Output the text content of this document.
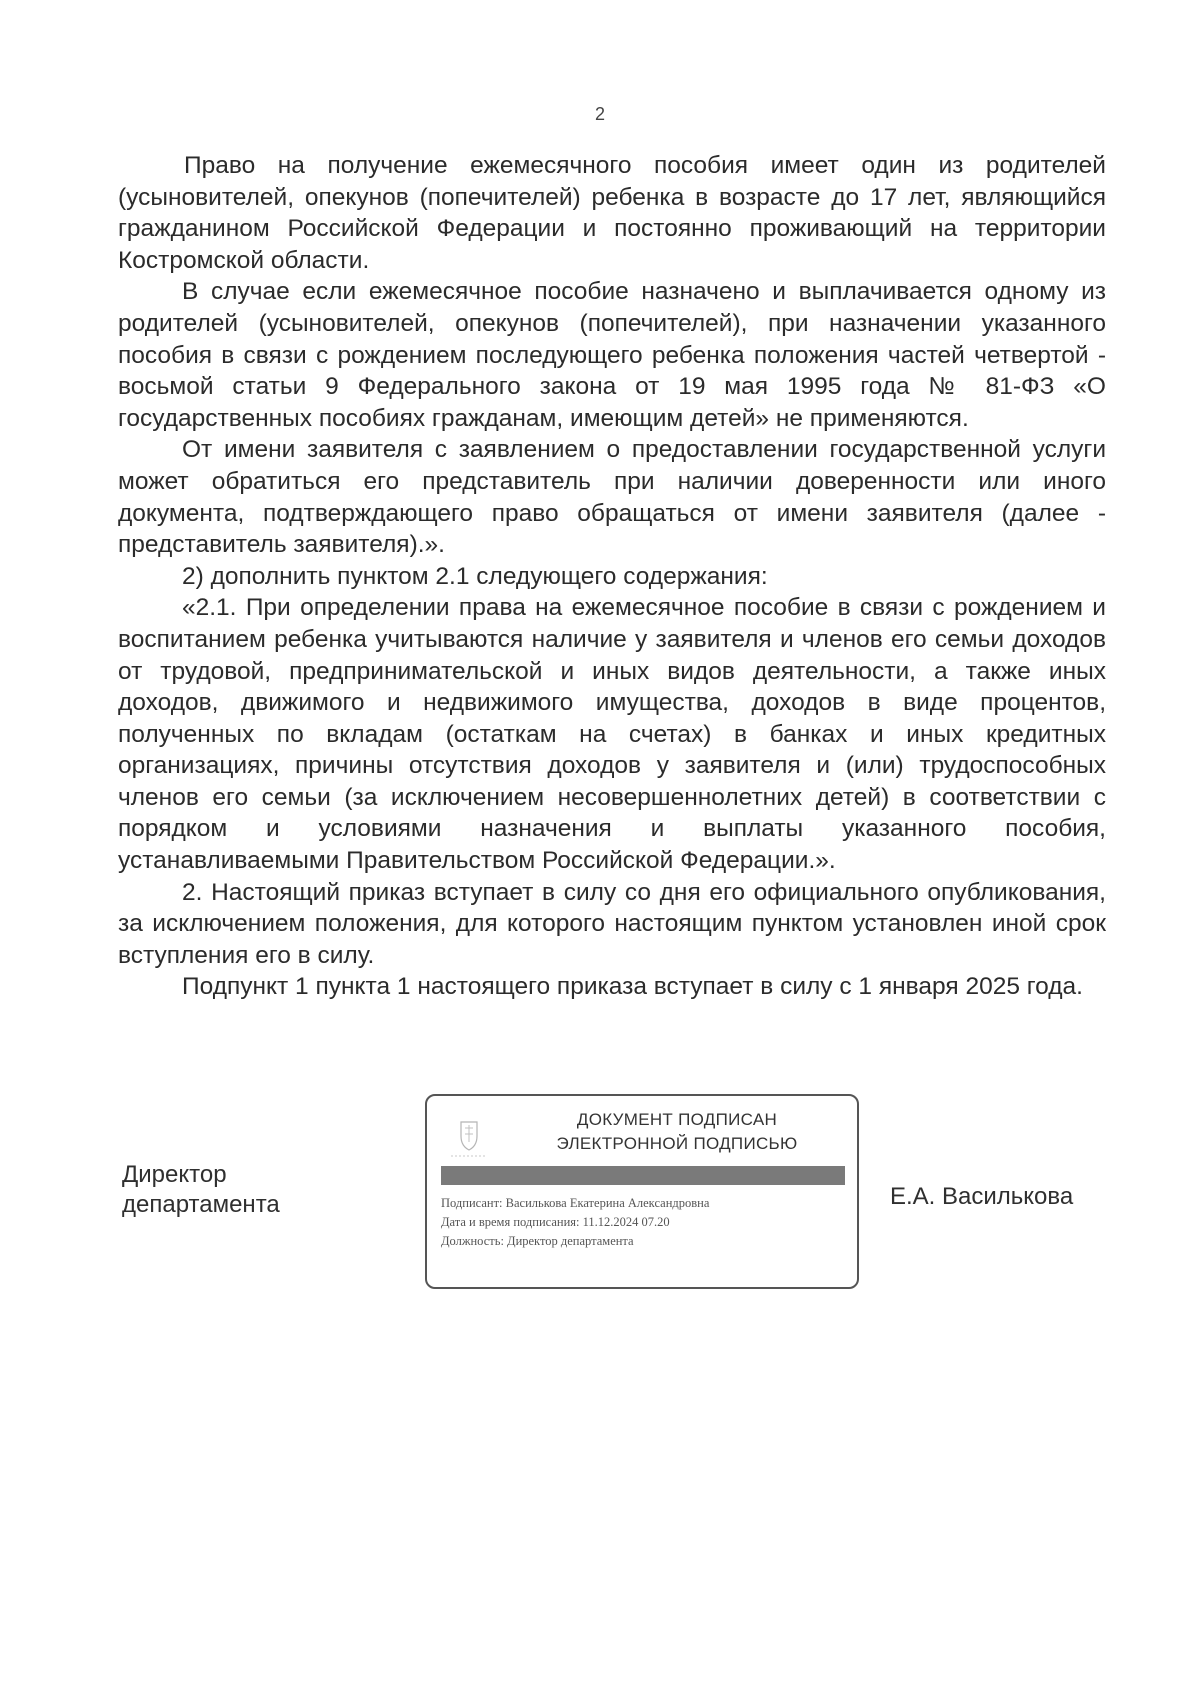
2

Право на получение ежемесячного пособия имеет один из родителей (усыновителей, опекунов (попечителей) ребенка в возрасте до 17 лет, являющийся гражданином Российской Федерации и постоянно проживающий на территории Костромской области.

В случае если ежемесячное пособие назначено и выплачивается одному из родителей (усыновителей, опекунов (попечителей), при назначении указанного пособия в связи с рождением последующего ребенка положения частей четвертой - восьмой статьи 9 Федерального закона от 19 мая 1995 года № 81-ФЗ «О государственных пособиях гражданам, имеющим детей» не применяются.

От имени заявителя с заявлением о предоставлении государственной услуги может обратиться его представитель при наличии доверенности или иного документа, подтверждающего право обращаться от имени заявителя (далее - представитель заявителя).».

2) дополнить пунктом 2.1 следующего содержания:

«2.1. При определении права на ежемесячное пособие в связи с рождением и воспитанием ребенка учитываются наличие у заявителя и членов его семьи доходов от трудовой, предпринимательской и иных видов деятельности, а также иных доходов, движимого и недвижимого имущества, доходов в виде процентов, полученных по вкладам (остаткам на счетах) в банках и иных кредитных организациях, причины отсутствия доходов у заявителя и (или) трудоспособных членов его семьи (за исключением несовершеннолетних детей) в соответствии с порядком и условиями назначения и выплаты указанного пособия, устанавливаемыми Правительством Российской Федерации.».

2. Настоящий приказ вступает в силу со дня его официального опубликования, за исключением положения, для которого настоящим пунктом установлен иной срок вступления его в силу.

Подпункт 1 пункта 1 настоящего приказа вступает в силу с 1 января 2025 года.

Директор
департамента
ДОКУМЕНТ ПОДПИСАН
ЭЛЕКТРОННОЙ ПОДПИСЬЮ
Подписант: Василькова Екатерина Александровна
Дата и время подписания: 11.12.2024 07.20
Должность: Директор департамента
Е.А. Василькова
